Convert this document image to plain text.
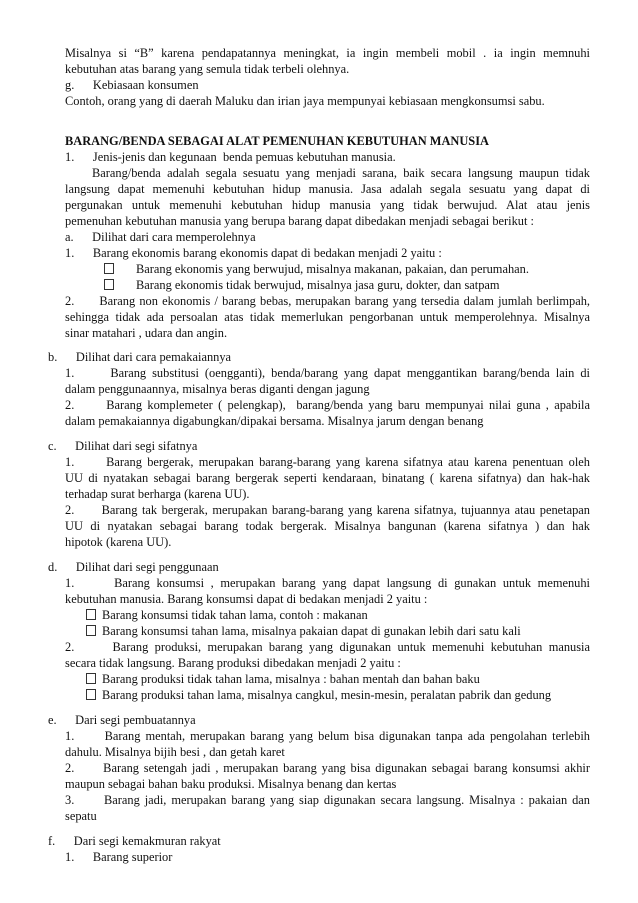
Misalnya si “B” karena pendapatannya meningkat, ia ingin membeli mobil . ia ingin memnuhi
kebutuhan atas barang yang semula tidak terbeli olehnya.
g.      Kebiasaan konsumen
Contoh, orang yang di daerah Maluku dan irian jaya mempunyai kebiasaan mengkonsumsi sabu.
BARANG/BENDA SEBAGAI ALAT PEMENUHAN KEBUTUHAN MANUSIA
1.      Jenis-jenis dan kegunaan  benda pemuas kebutuhan manusia.
Barang/benda adalah segala sesuatu yang menjadi sarana, baik secara langsung maupun tidak
langsung dapat memenuhi kebutuhan hidup manusia. Jasa adalah segala sesuatu yang dapat di
pergunakan untuk memenuhi kebutuhan hidup manusia yang tidak berwujud. Alat atau jenis
pemenuhan kebutuhan manusia yang berupa barang dapat dibedakan menjadi sebagai berikut :
a.      Dilihat dari cara memperolehnya
1.      Barang ekonomis barang ekonomis dapat di bedakan menjadi 2 yaitu :
Barang ekonomis yang berwujud, misalnya makanan, pakaian, dan perumahan.
Barang ekonomis tidak berwujud, misalnya jasa guru, dokter, dan satpam
2.      Barang non ekonomis / barang bebas, merupakan barang yang tersedia dalam jumlah berlimpah,
sehingga tidak ada persoalan atas tidak memerlukan pengorbanan untuk memperolehnya. Misalnya
sinar matahari , udara dan angin.
b.      Dilihat dari cara pemakaiannya
1.      Barang substitusi (oengganti), benda/barang yang dapat menggantikan barang/benda lain di
dalam penggunaannya, misalnya beras diganti dengan jagung
2.      Barang komplemeter ( pelengkap),  barang/benda yang baru mempunyai nilai guna , apabila
dalam pemakaiannya digabungkan/dipakai bersama. Misalnya jarum dengan benang
c.      Dilihat dari segi sifatnya
1.      Barang bergerak, merupakan barang-barang yang karena sifatnya atau karena penentuan oleh
UU di nyatakan sebagai barang bergerak seperti kendaraan, binatang ( karena sifatnya) dan hak-hak
terhadap surat berharga (karena UU).
2.      Barang tak bergerak, merupakan barang-barang yang karena sifatnya, tujuannya atau penetapan
UU di nyatakan sebagai barang todak bergerak. Misalnya bangunan (karena sifatnya ) dan hak
hipotok (karena UU).
d.      Dilihat dari segi penggunaan
1.      Barang konsumsi , merupakan barang yang dapat langsung di gunakan untuk memenuhi
kebutuhan manusia. Barang konsumsi dapat di bedakan menjadi 2 yaitu :
Barang konsumsi tidak tahan lama, contoh : makanan
Barang konsumsi tahan lama, misalnya pakaian dapat di gunakan lebih dari satu kali
2.      Barang produksi, merupakan barang yang digunakan untuk memenuhi kebutuhan manusia
secara tidak langsung. Barang produksi dibedakan menjadi 2 yaitu :
Barang produksi tidak tahan lama, misalnya : bahan mentah dan bahan baku
Barang produksi tahan lama, misalnya cangkul, mesin-mesin, peralatan pabrik dan gedung
e.      Dari segi pembuatannya
1.      Barang mentah, merupakan barang yang belum bisa digunakan tanpa ada pengolahan terlebih
dahulu. Misalnya bijih besi , dan getah karet
2.      Barang setengah jadi , merupakan barang yang bisa digunakan sebagai barang konsumsi akhir
maupun sebagai bahan baku produksi. Misalnya benang dan kertas
3.      Barang jadi, merupakan barang yang siap digunakan secara langsung. Misalnya : pakaian dan
sepatu
f.      Dari segi kemakmuran rakyat
1.      Barang superior
